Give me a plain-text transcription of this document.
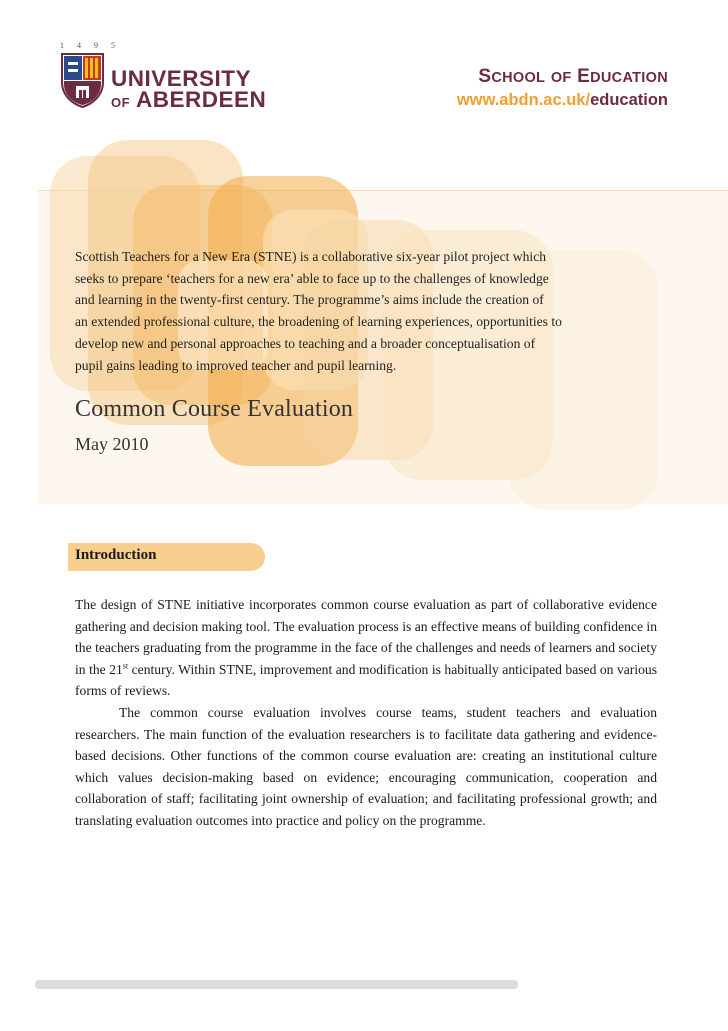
1495
UNIVERSITY
OF ABERDEEN
SCHOOL OF EDUCATION
www.abdn.ac.uk/education

Scottish Teachers for a New Era (STNE) is a collaborative six-year pilot project which
seeks to prepare ‘teachers for a new era’ able to face up to the challenges of knowledge
and learning in the twenty-first century. The programme’s aims include the creation of
an extended professional culture, the broadening of learning experiences, opportunities to
develop new and personal approaches to teaching and a broader conceptualisation of
pupil gains leading to improved teacher and pupil learning.

Common Course Evaluation
May 2010
Introduction

The design of STNE initiative incorporates common course evaluation as part of collaborative evidence gathering and decision making tool. The evaluation process is an effective means of building confidence in the teachers graduating from the programme in the face of the challenges and needs of learners and society in the 21st century. Within STNE, improvement and modification is habitually anticipated based on various forms of reviews.

The common course evaluation involves course teams, student teachers and evaluation researchers. The main function of the evaluation researchers is to facilitate data gathering and evidence-based decisions. Other functions of the common course evaluation are: creating an institutional culture which values decision-making based on evidence; encouraging communication, cooperation and collaboration of staff; facilitating joint ownership of evaluation; and facilitating professional growth; and translating evaluation outcomes into practice and policy on the programme.
